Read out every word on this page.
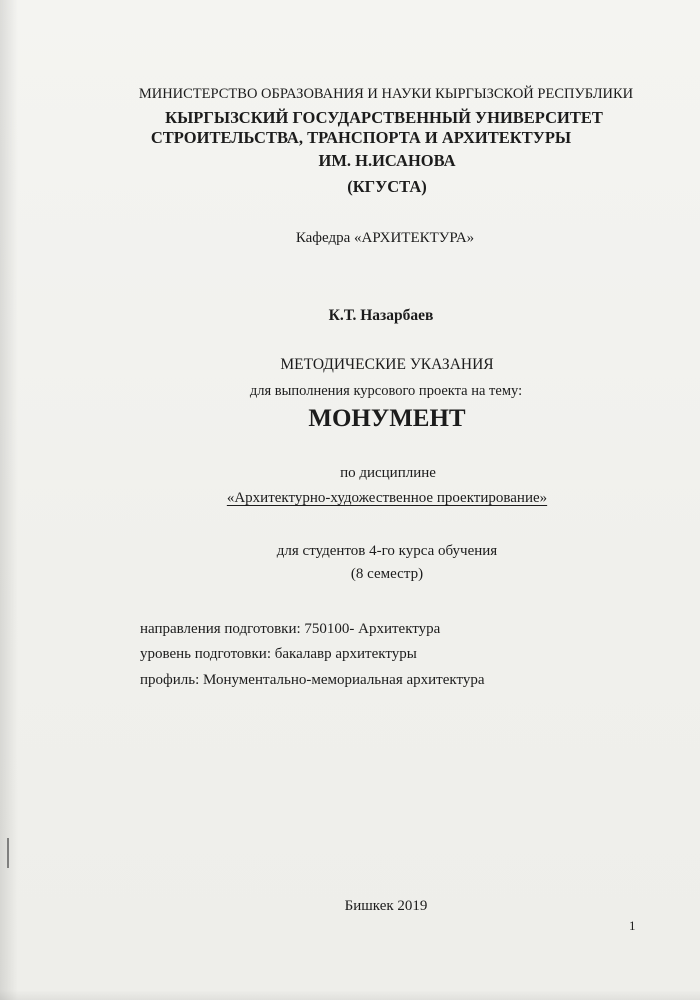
МИНИСТЕРСТВО ОБРАЗОВАНИЯ И НАУКИ КЫРГЫЗСКОЙ РЕСПУБЛИКИ
КЫРГЫЗСКИЙ ГОСУДАРСТВЕННЫЙ УНИВЕРСИТЕТ
СТРОИТЕЛЬСТВА, ТРАНСПОРТА И АРХИТЕКТУРЫ
ИМ. Н.ИСАНОВА
(КГУСТА)
Кафедра «АРХИТЕКТУРА»
К.Т. Назарбаев
МЕТОДИЧЕСКИЕ УКАЗАНИЯ
для выполнения курсового проекта на тему:
МОНУМЕНТ
по дисциплине
«Архитектурно-художественное проектирование»
для студентов 4-го курса обучения
(8 семестр)
направления подготовки: 750100- Архитектура
уровень подготовки: бакалавр архитектуры
профиль: Монументально-мемориальная архитектура
Бишкек 2019
1
